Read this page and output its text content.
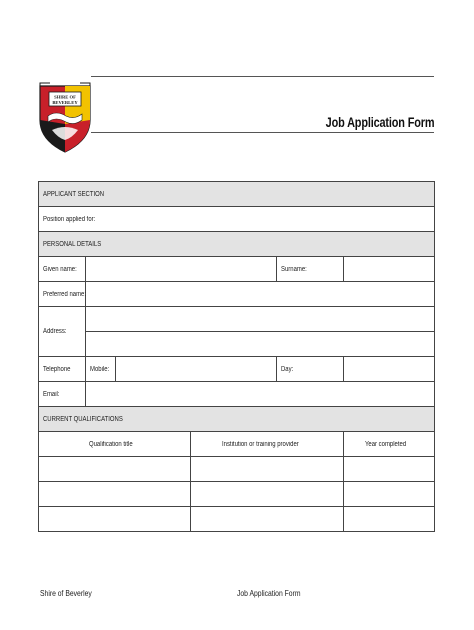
SHIRE OF
BEVERLEY
Job Application Form
APPLICANT SECTION					
Position applied for:					
PERSONAL DETAILS					
Given name:				Surname:	
Preferred name:					
Address:					

Telephone	Mobile:			Day:	
Email:					
CURRENT QUALIFICATIONS					
Qualification title			Institution or training provider		Year completed

Shire of Beverley	Job Application Form
